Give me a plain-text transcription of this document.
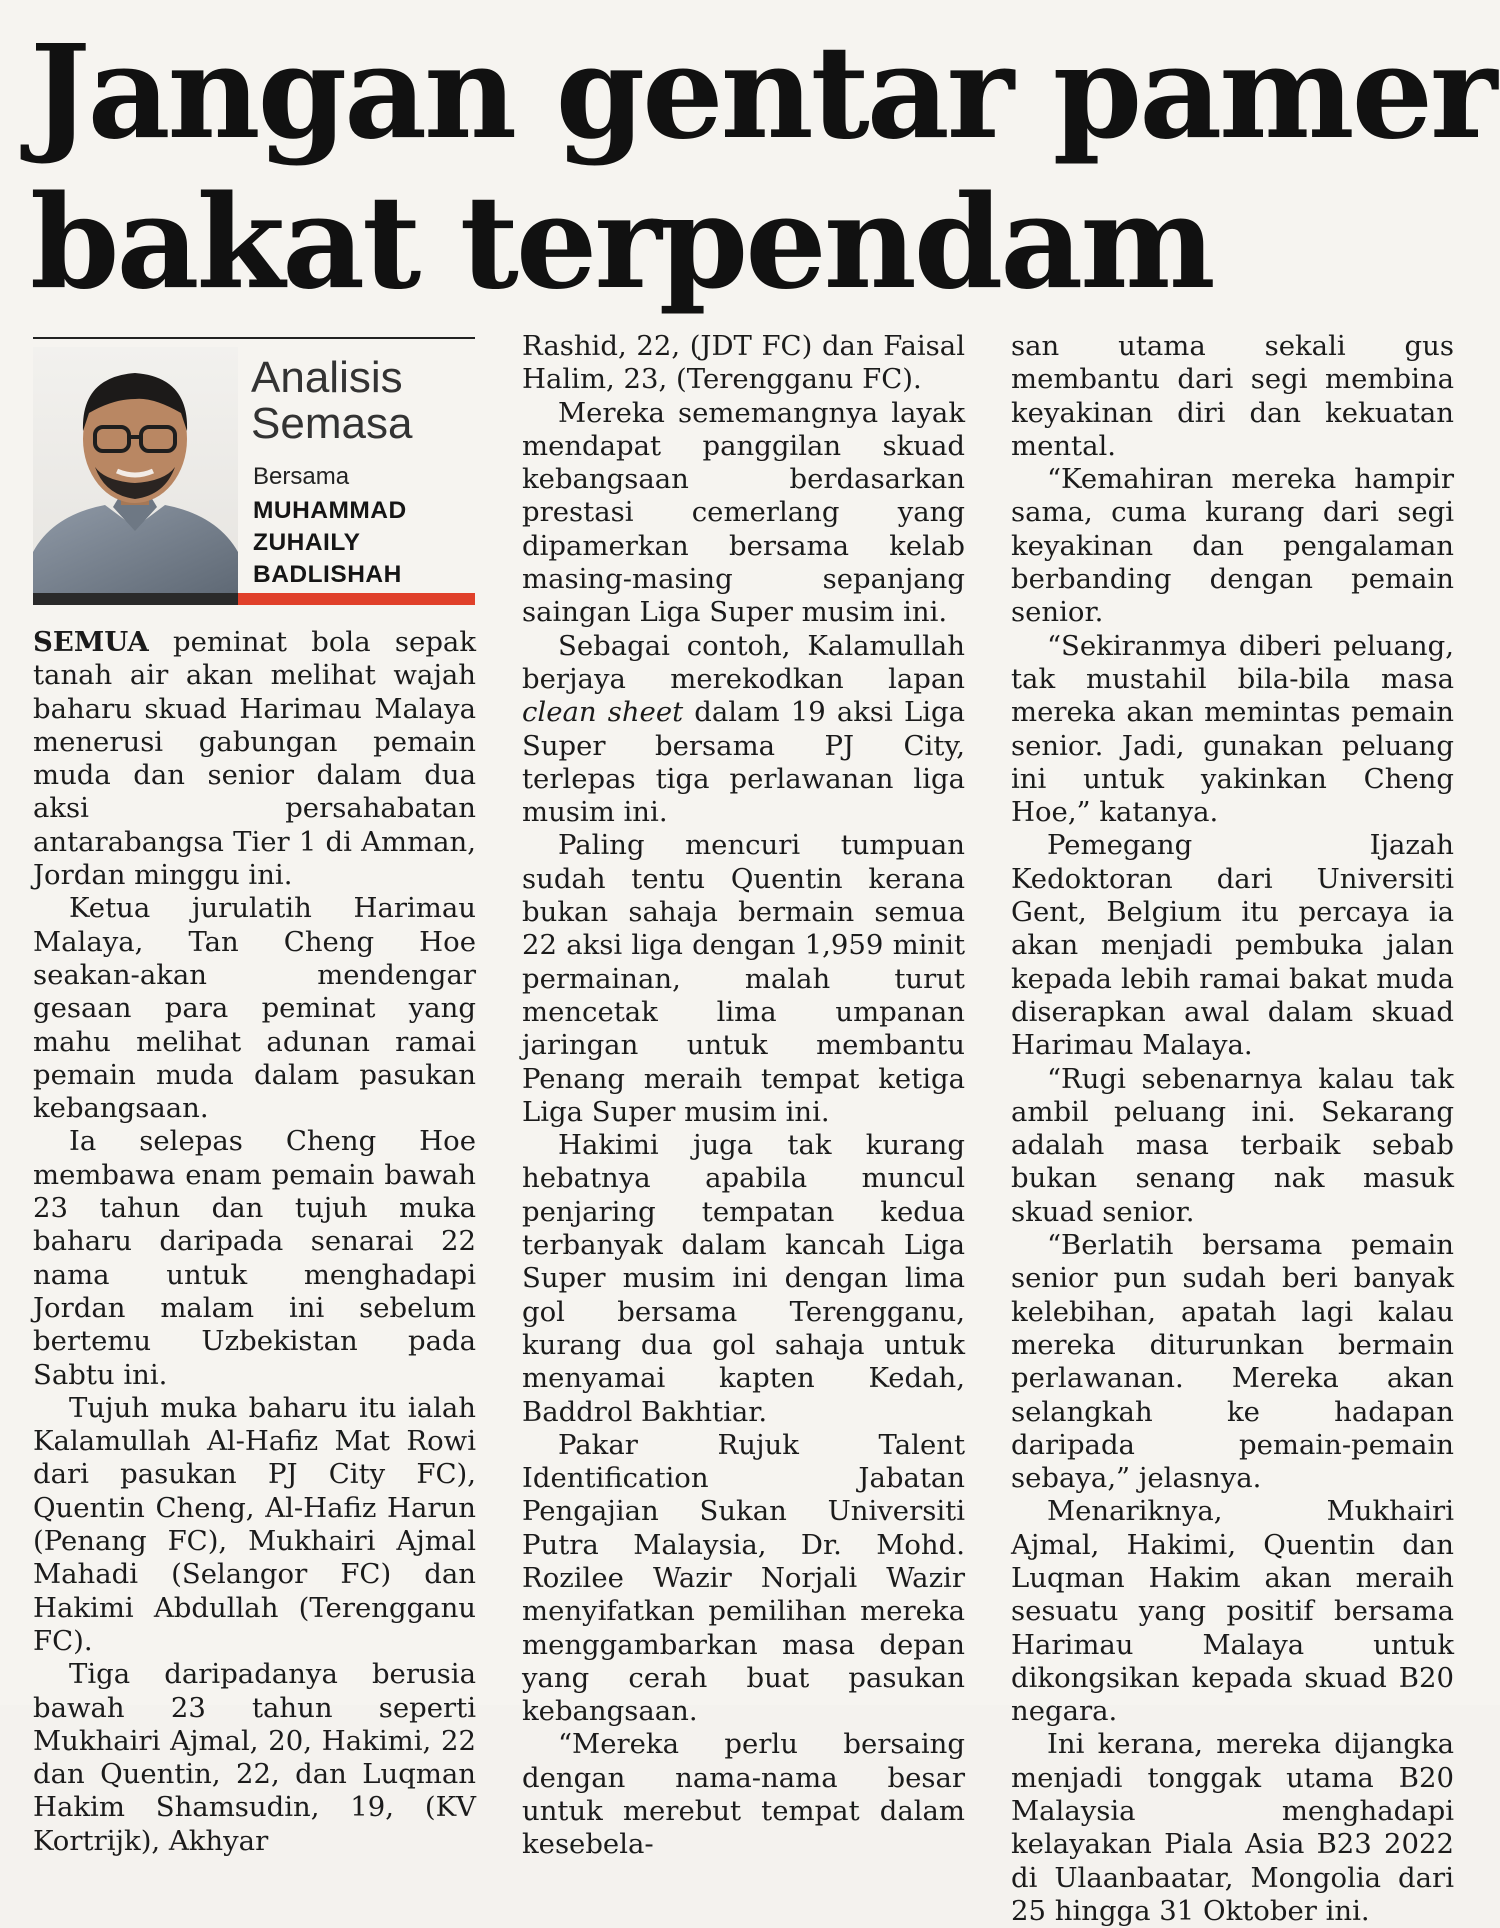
Jangan gentar pamer
bakat terpendam
Analisis
Semasa
Bersama
MUHAMMAD
ZUHAILY
BADLISHAH

SEMUA peminat bola sepak tanah air akan melihat wajah baharu skuad Harimau Malaya menerusi gabungan pemain muda dan senior dalam dua aksi persahabatan antarabangsa Tier 1 di Amman, Jordan minggu ini.

Ketua jurulatih Harimau Malaya, Tan Cheng Hoe seakan-akan mendengar gesaan para peminat yang mahu melihat adunan ramai pemain muda dalam pasukan kebangsaan.

Ia selepas Cheng Hoe membawa enam pemain bawah 23 tahun dan tujuh muka baharu daripada senarai 22 nama untuk menghadapi Jordan malam ini sebelum bertemu Uzbekistan pada Sabtu ini.

Tujuh muka baharu itu ialah Kalamullah Al-Hafiz Mat Rowi dari pasukan PJ City FC), Quentin Cheng, Al-Hafiz Harun (Penang FC), Mukhairi Ajmal Mahadi (Selangor FC) dan Hakimi Abdullah (Terengganu FC).

Tiga daripadanya berusia bawah 23 tahun seperti Mukhairi Ajmal, 20, Hakimi, 22 dan Quentin, 22, dan Luqman Hakim Shamsudin, 19, (KV Kortrijk), Akhyar

Rashid, 22, (JDT FC) dan Faisal Halim, 23, (Terengganu FC).

Mereka sememangnya layak mendapat panggilan skuad kebangsaan berdasarkan prestasi cemerlang yang dipamerkan bersama kelab masing-masing sepanjang saingan Liga Super musim ini.

Sebagai contoh, Kalamullah berjaya merekodkan lapan clean sheet dalam 19 aksi Liga Super bersama PJ City, terlepas tiga perlawanan liga musim ini.

Paling mencuri tumpuan sudah tentu Quentin kerana bukan sahaja bermain semua 22 aksi liga dengan 1,959 minit permainan, malah turut mencetak lima umpanan jaringan untuk membantu Penang meraih tempat ketiga Liga Super musim ini.

Hakimi juga tak kurang hebatnya apabila muncul penjaring tempatan kedua terbanyak dalam kancah Liga Super musim ini dengan lima gol bersama Terengganu, kurang dua gol sahaja untuk menyamai kapten Kedah, Baddrol Bakhtiar.

Pakar Rujuk Talent Identification Jabatan Pengajian Sukan Universiti Putra Malaysia, Dr. Mohd. Rozilee Wazir Norjali Wazir menyifatkan pemilihan mereka menggambarkan masa depan yang cerah buat pasukan kebangsaan.

“Mereka perlu bersaing dengan nama-nama besar untuk merebut tempat dalam kesebela-

san utama sekali gus membantu dari segi membina keyakinan diri dan kekuatan mental.

“Kemahiran mereka hampir sama, cuma kurang dari segi keyakinan dan pengalaman berbanding dengan pemain senior.

“Sekiranmya diberi peluang, tak mustahil bila-bila masa mereka akan memintas pemain senior. Jadi, gunakan peluang ini untuk yakinkan Cheng Hoe,” katanya.

Pemegang Ijazah Kedoktoran dari Universiti Gent, Belgium itu percaya ia akan menjadi pembuka jalan kepada lebih ramai bakat muda diserapkan awal dalam skuad Harimau Malaya.

“Rugi sebenarnya kalau tak ambil peluang ini. Sekarang adalah masa terbaik sebab bukan senang nak masuk skuad senior.

“Berlatih bersama pemain senior pun sudah beri banyak kelebihan, apatah lagi kalau mereka diturunkan bermain perlawanan. Mereka akan selangkah ke hadapan daripada pemain-pemain sebaya,” jelasnya.

Menariknya, Mukhairi Ajmal, Hakimi, Quentin dan Luqman Hakim akan meraih sesuatu yang positif bersama Harimau Malaya untuk dikongsikan kepada skuad B20 negara.

Ini kerana, mereka dijangka menjadi tonggak utama B20 Malaysia menghadapi kelayakan Piala Asia B23 2022 di Ulaanbaatar, Mongolia dari 25 hingga 31 Oktober ini.
